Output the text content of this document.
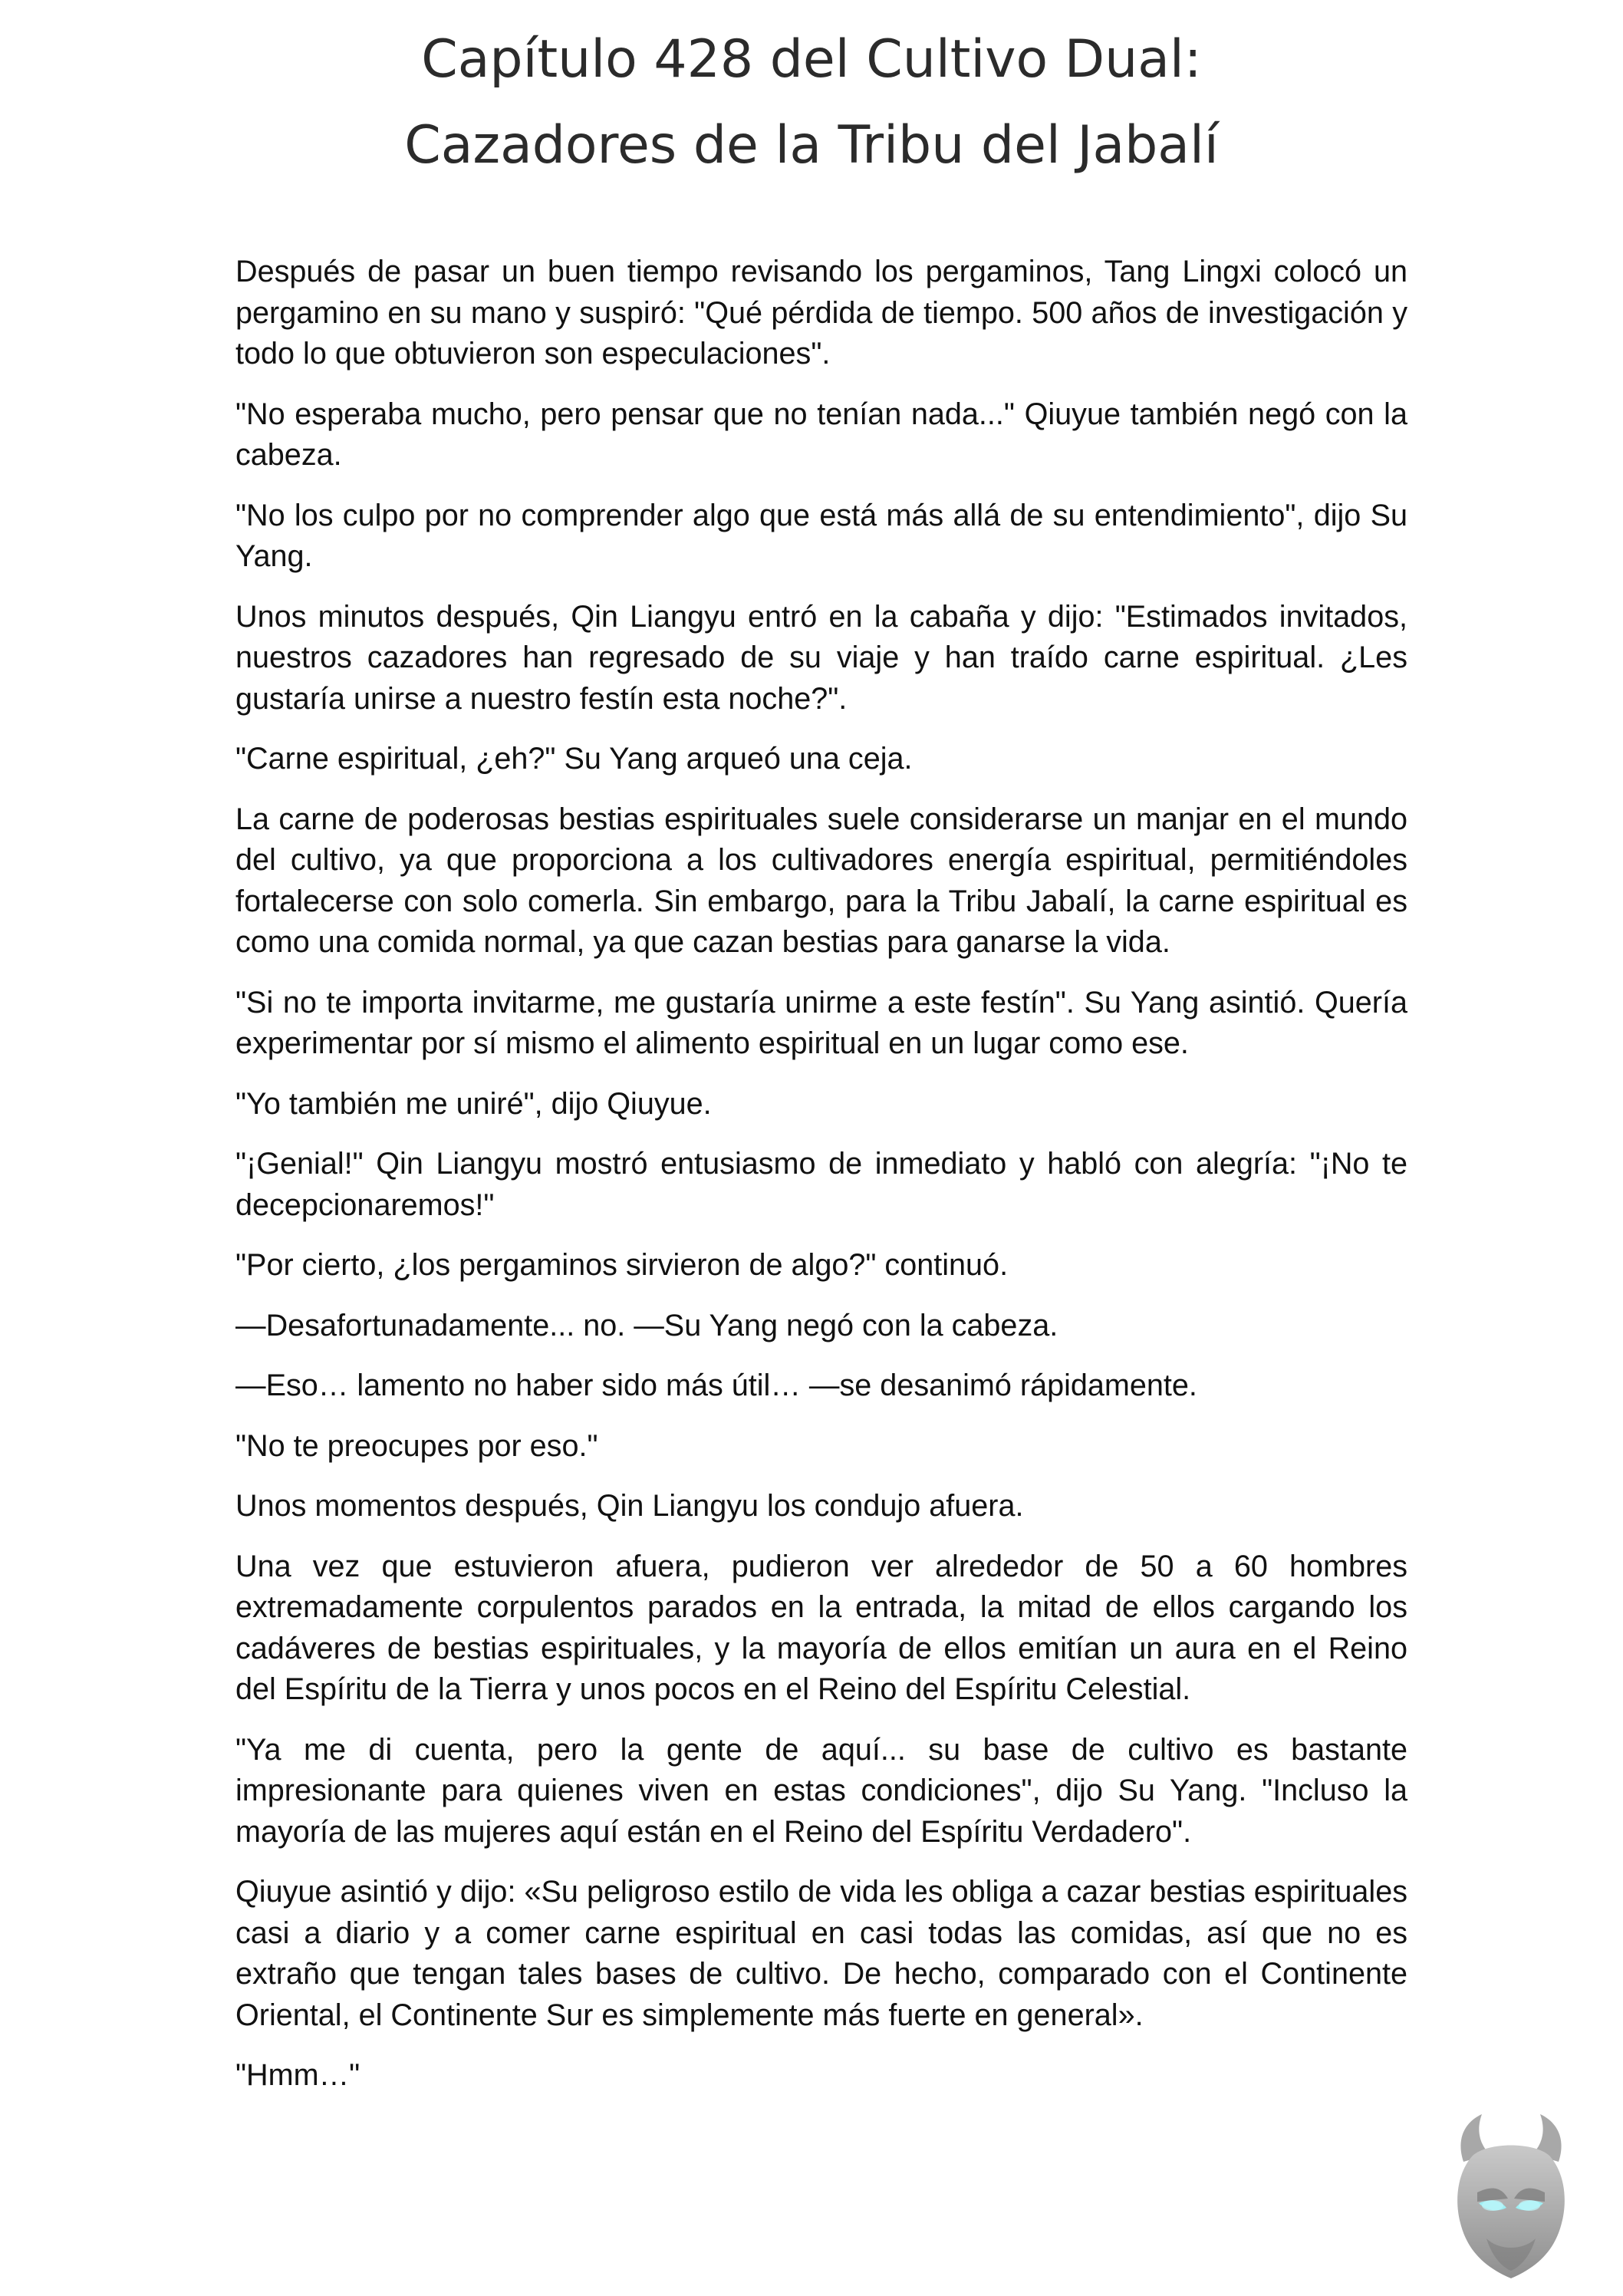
Capítulo 428 del Cultivo Dual:
Cazadores de la Tribu del Jabalí

Después de pasar un buen tiempo revisando los pergaminos, Tang Lingxi colocó un pergamino en su mano y suspiró: "Qué pérdida de tiempo. 500 años de investigación y todo lo que obtuvieron son especulaciones".

"No esperaba mucho, pero pensar que no tenían nada..." Qiuyue también negó con la cabeza.

"No los culpo por no comprender algo que está más allá de su entendimiento", dijo Su Yang.

Unos minutos después, Qin Liangyu entró en la cabaña y dijo: "Estimados invitados, nuestros cazadores han regresado de su viaje y han traído carne espiritual. ¿Les gustaría unirse a nuestro festín esta noche?".

"Carne espiritual, ¿eh?" Su Yang arqueó una ceja.

La carne de poderosas bestias espirituales suele considerarse un manjar en el mundo del cultivo, ya que proporciona a los cultivadores energía espiritual, permitiéndoles fortalecerse con solo comerla. Sin embargo, para la Tribu Jabalí, la carne espiritual es como una comida normal, ya que cazan bestias para ganarse la vida.

"Si no te importa invitarme, me gustaría unirme a este festín". Su Yang asintió. Quería experimentar por sí mismo el alimento espiritual en un lugar como ese.

"Yo también me uniré", dijo Qiuyue.

"¡Genial!" Qin Liangyu mostró entusiasmo de inmediato y habló con alegría: "¡No te decepcionaremos!"

"Por cierto, ¿los pergaminos sirvieron de algo?" continuó.

—Desafortunadamente... no. —Su Yang negó con la cabeza.

—Eso… lamento no haber sido más útil… —se desanimó rápidamente.

"No te preocupes por eso."

Unos momentos después, Qin Liangyu los condujo afuera.

Una vez que estuvieron afuera, pudieron ver alrededor de 50 a 60 hombres extremadamente corpulentos parados en la entrada, la mitad de ellos cargando los cadáveres de bestias espirituales, y la mayoría de ellos emitían un aura en el Reino del Espíritu de la Tierra y unos pocos en el Reino del Espíritu Celestial.

"Ya me di cuenta, pero la gente de aquí... su base de cultivo es bastante impresionante para quienes viven en estas condiciones", dijo Su Yang. "Incluso la mayoría de las mujeres aquí están en el Reino del Espíritu Verdadero".

Qiuyue asintió y dijo: «Su peligroso estilo de vida les obliga a cazar bestias espirituales casi a diario y a comer carne espiritual en casi todas las comidas, así que no es extraño que tengan tales bases de cultivo. De hecho, comparado con el Continente Oriental, el Continente Sur es simplemente más fuerte en general».

"Hmm…"
